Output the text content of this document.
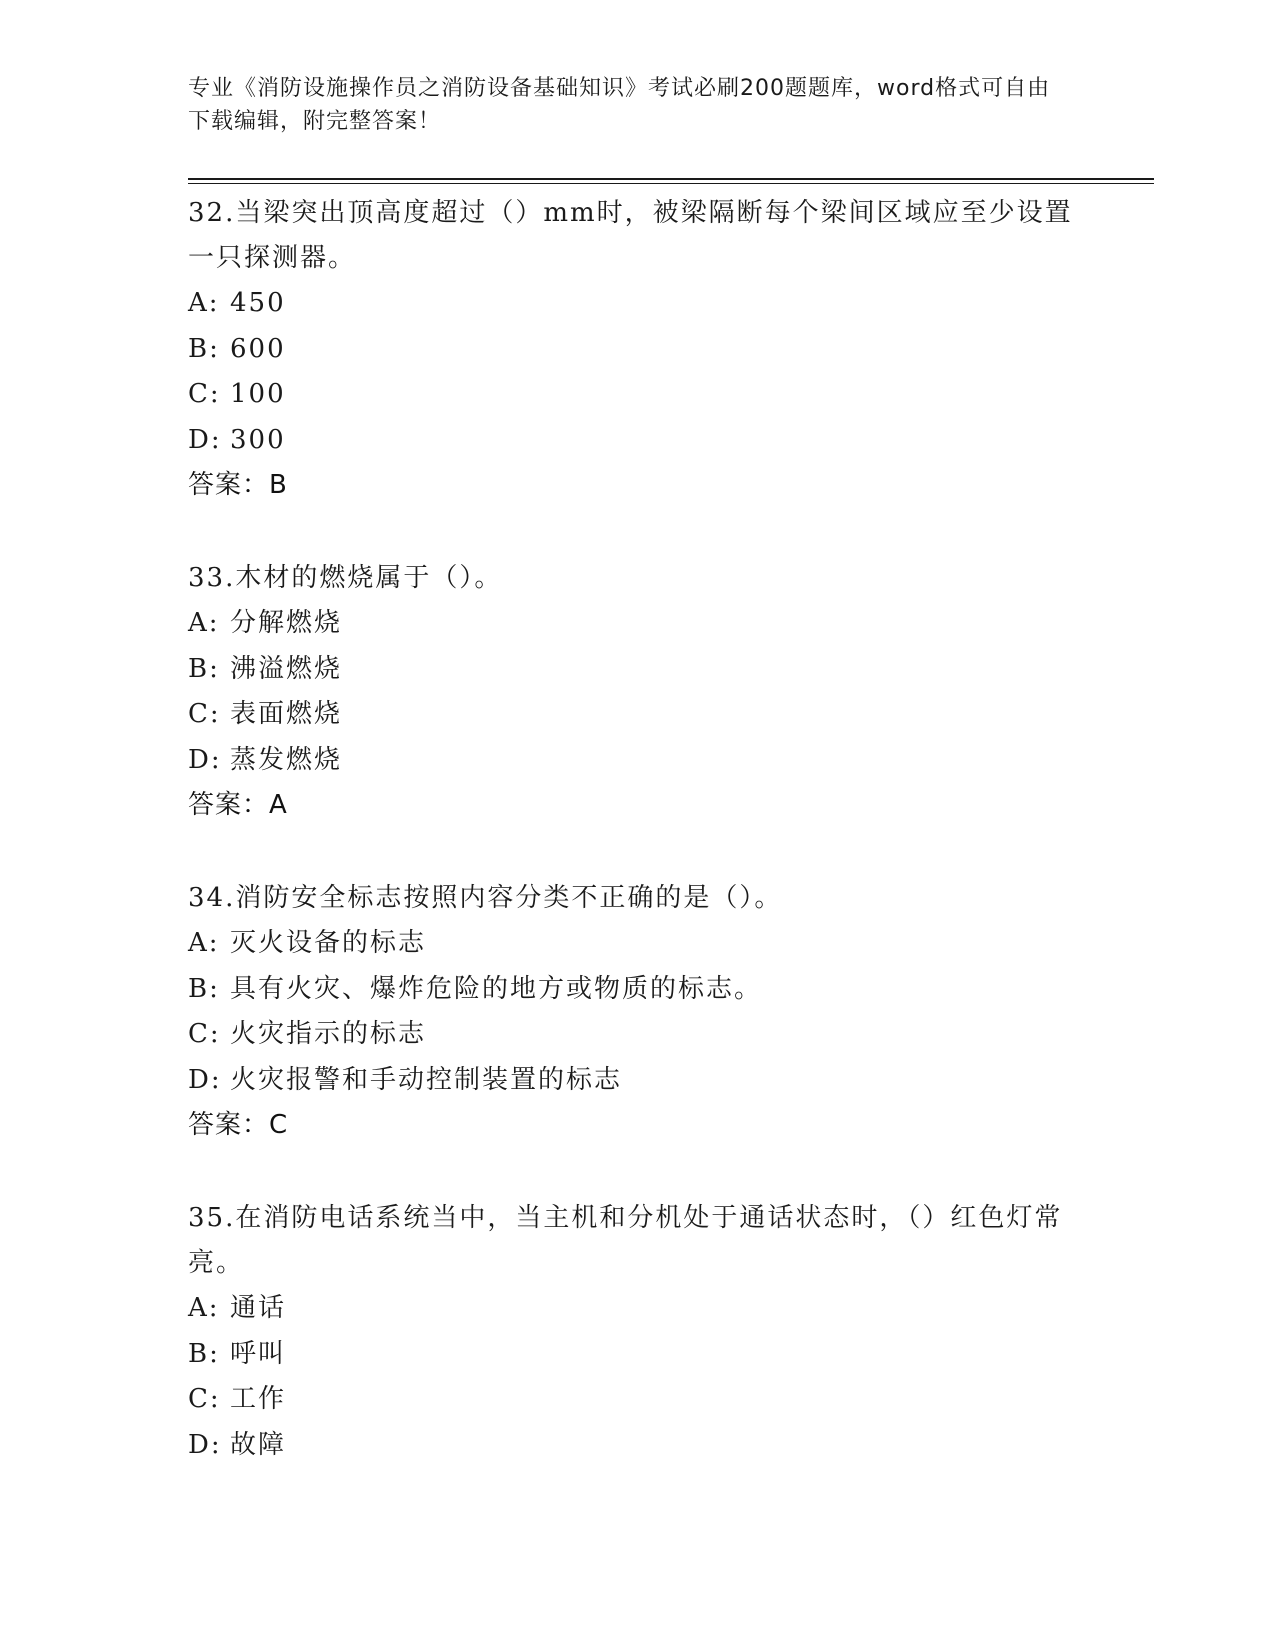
专业《消防设施操作员之消防设备基础知识》考试必刷200题题库，word格式可自由下载编辑，附完整答案！

32.当梁突出顶高度超过（）mm时，被梁隔断每个梁间区域应至少设置一只探测器。

A: 450

B: 600

C: 100

D: 300

答案：B

33.木材的燃烧属于（）。

A: 分解燃烧

B: 沸溢燃烧

C: 表面燃烧

D: 蒸发燃烧

答案：A

34.消防安全标志按照内容分类不正确的是（）。

A: 灭火设备的标志

B: 具有火灾、爆炸危险的地方或物质的标志。

C: 火灾指示的标志

D: 火灾报警和手动控制装置的标志

答案：C

35.在消防电话系统当中，当主机和分机处于通话状态时，（）红色灯常亮。

A: 通话

B: 呼叫

C: 工作

D: 故障
